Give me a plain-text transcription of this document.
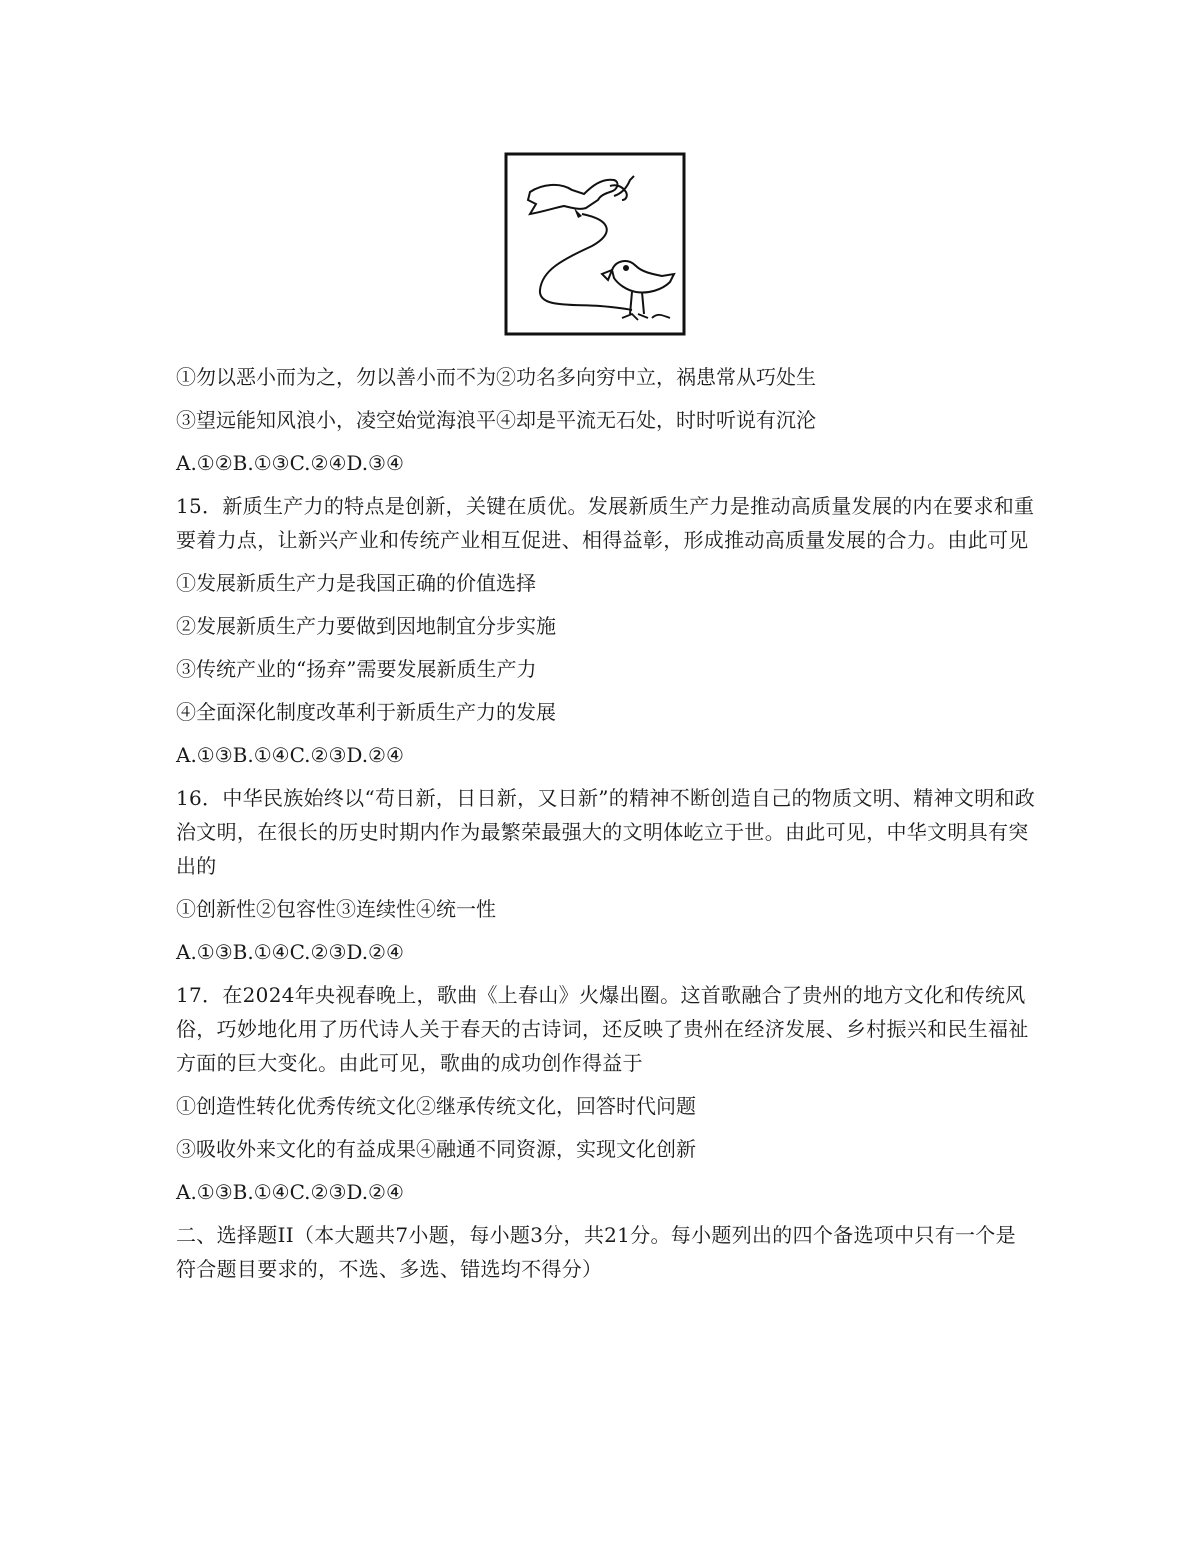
①勿以恶小而为之，勿以善小而不为②功名多向穷中立，祸患常从巧处生
③望远能知风浪小，凌空始觉海浪平④却是平流无石处，时时听说有沉沦
A.①②B.①③C.②④D.③④
15．新质生产力的特点是创新，关键在质优。发展新质生产力是推动高质量发展的内在要求和重要着力点，让新兴产业和传统产业相互促进、相得益彰，形成推动高质量发展的合力。由此可见
①发展新质生产力是我国正确的价值选择
②发展新质生产力要做到因地制宜分步实施
③传统产业的“扬弃”需要发展新质生产力
④全面深化制度改革利于新质生产力的发展
A.①③B.①④C.②③D.②④
16．中华民族始终以“苟日新，日日新，又日新”的精神不断创造自己的物质文明、精神文明和政治文明，在很长的历史时期内作为最繁荣最强大的文明体屹立于世。由此可见，中华文明具有突出的
①创新性②包容性③连续性④统一性
A.①③B.①④C.②③D.②④
17．在2024年央视春晚上，歌曲《上春山》火爆出圈。这首歌融合了贵州的地方文化和传统风俗，巧妙地化用了历代诗人关于春天的古诗词，还反映了贵州在经济发展、乡村振兴和民生福祉方面的巨大变化。由此可见，歌曲的成功创作得益于
①创造性转化优秀传统文化②继承传统文化，回答时代问题
③吸收外来文化的有益成果④融通不同资源，实现文化创新
A.①③B.①④C.②③D.②④
二、选择题II（本大题共7小题，每小题3分，共21分。每小题列出的四个备选项中只有一个是符合题目要求的，不选、多选、错选均不得分）
